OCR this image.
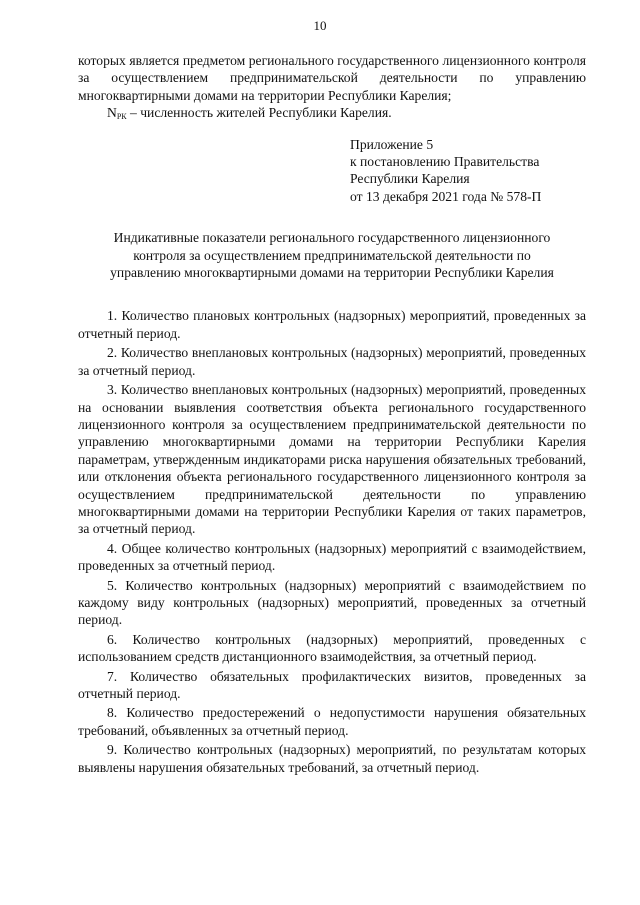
10

которых является предметом регионального государственного лицензионного контроля за осуществлением предпринимательской деятельности по управлению многоквартирными домами на территории Республики Карелия;

$N_{РК}$ – численность жителей Республики Карелия.

Приложение 5
к постановлению Правительства
Республики Карелия
от 13 декабря 2021 года № 578-П
Индикативные показатели регионального государственного лицензионного контроля за осуществлением предпринимательской деятельности по управлению многоквартирными домами на территории Республики Карелия

1. Количество плановых контрольных (надзорных) мероприятий, проведенных за отчетный период.

2. Количество внеплановых контрольных (надзорных) мероприятий, проведенных за отчетный период.

3. Количество внеплановых контрольных (надзорных) мероприятий, проведенных на основании выявления соответствия объекта регионального государственного лицензионного контроля за осуществлением предпринимательской деятельности по управлению многоквартирными домами на территории Республики Карелия параметрам, утвержденным индикаторами риска нарушения обязательных требований, или отклонения объекта регионального государственного лицензионного контроля за осуществлением предпринимательской деятельности по управлению многоквартирными домами на территории Республики Карелия от таких параметров, за отчетный период.

4. Общее количество контрольных (надзорных) мероприятий с взаимодействием, проведенных за отчетный период.

5. Количество контрольных (надзорных) мероприятий с взаимодействием по каждому виду контрольных (надзорных) мероприятий, проведенных за отчетный период.

6. Количество контрольных (надзорных) мероприятий, проведенных с использованием средств дистанционного взаимодействия, за отчетный период.

7. Количество обязательных профилактических визитов, проведенных за отчетный период.

8. Количество предостережений о недопустимости нарушения обязательных требований, объявленных за отчетный период.

9. Количество контрольных (надзорных) мероприятий, по результатам которых выявлены нарушения обязательных требований, за отчетный период.
